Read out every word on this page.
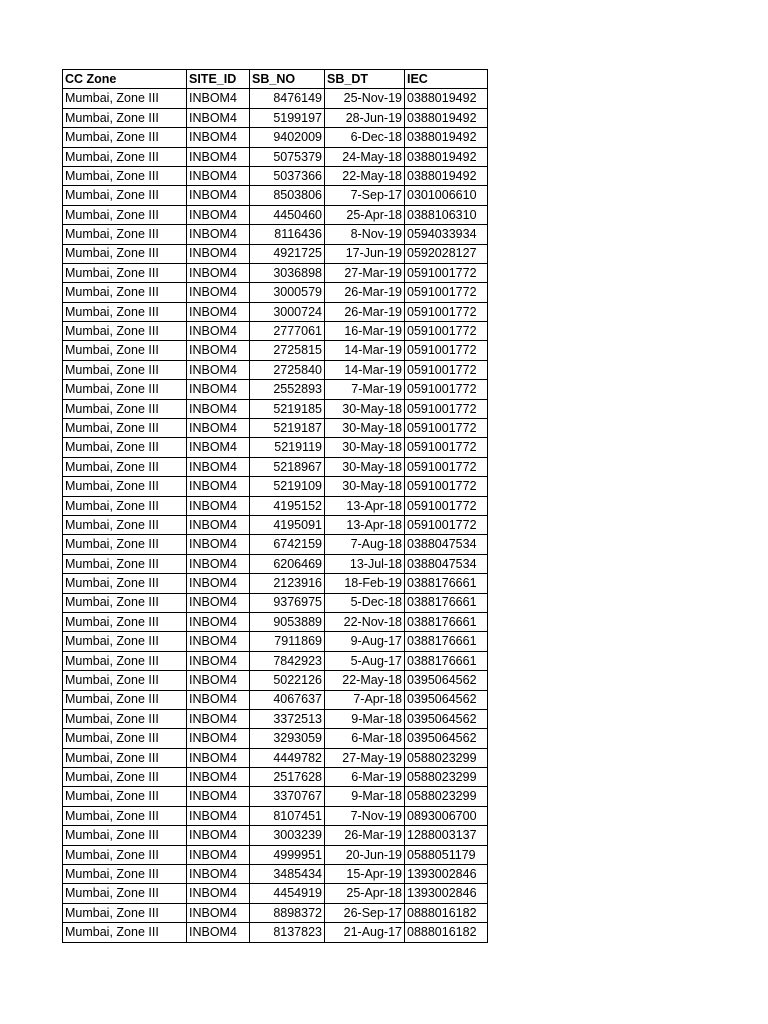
CC Zone	SITE_ID	SB_NO	SB_DT	IEC
Mumbai, Zone III	INBOM4	8476149	25-Nov-19	0388019492
Mumbai, Zone III	INBOM4	5199197	28-Jun-19	0388019492
Mumbai, Zone III	INBOM4	9402009	6-Dec-18	0388019492
Mumbai, Zone III	INBOM4	5075379	24-May-18	0388019492
Mumbai, Zone III	INBOM4	5037366	22-May-18	0388019492
Mumbai, Zone III	INBOM4	8503806	7-Sep-17	0301006610
Mumbai, Zone III	INBOM4	4450460	25-Apr-18	0388106310
Mumbai, Zone III	INBOM4	8116436	8-Nov-19	0594033934
Mumbai, Zone III	INBOM4	4921725	17-Jun-19	0592028127
Mumbai, Zone III	INBOM4	3036898	27-Mar-19	0591001772
Mumbai, Zone III	INBOM4	3000579	26-Mar-19	0591001772
Mumbai, Zone III	INBOM4	3000724	26-Mar-19	0591001772
Mumbai, Zone III	INBOM4	2777061	16-Mar-19	0591001772
Mumbai, Zone III	INBOM4	2725815	14-Mar-19	0591001772
Mumbai, Zone III	INBOM4	2725840	14-Mar-19	0591001772
Mumbai, Zone III	INBOM4	2552893	7-Mar-19	0591001772
Mumbai, Zone III	INBOM4	5219185	30-May-18	0591001772
Mumbai, Zone III	INBOM4	5219187	30-May-18	0591001772
Mumbai, Zone III	INBOM4	5219119	30-May-18	0591001772
Mumbai, Zone III	INBOM4	5218967	30-May-18	0591001772
Mumbai, Zone III	INBOM4	5219109	30-May-18	0591001772
Mumbai, Zone III	INBOM4	4195152	13-Apr-18	0591001772
Mumbai, Zone III	INBOM4	4195091	13-Apr-18	0591001772
Mumbai, Zone III	INBOM4	6742159	7-Aug-18	0388047534
Mumbai, Zone III	INBOM4	6206469	13-Jul-18	0388047534
Mumbai, Zone III	INBOM4	2123916	18-Feb-19	0388176661
Mumbai, Zone III	INBOM4	9376975	5-Dec-18	0388176661
Mumbai, Zone III	INBOM4	9053889	22-Nov-18	0388176661
Mumbai, Zone III	INBOM4	7911869	9-Aug-17	0388176661
Mumbai, Zone III	INBOM4	7842923	5-Aug-17	0388176661
Mumbai, Zone III	INBOM4	5022126	22-May-18	0395064562
Mumbai, Zone III	INBOM4	4067637	7-Apr-18	0395064562
Mumbai, Zone III	INBOM4	3372513	9-Mar-18	0395064562
Mumbai, Zone III	INBOM4	3293059	6-Mar-18	0395064562
Mumbai, Zone III	INBOM4	4449782	27-May-19	0588023299
Mumbai, Zone III	INBOM4	2517628	6-Mar-19	0588023299
Mumbai, Zone III	INBOM4	3370767	9-Mar-18	0588023299
Mumbai, Zone III	INBOM4	8107451	7-Nov-19	0893006700
Mumbai, Zone III	INBOM4	3003239	26-Mar-19	1288003137
Mumbai, Zone III	INBOM4	4999951	20-Jun-19	0588051179
Mumbai, Zone III	INBOM4	3485434	15-Apr-19	1393002846
Mumbai, Zone III	INBOM4	4454919	25-Apr-18	1393002846
Mumbai, Zone III	INBOM4	8898372	26-Sep-17	0888016182
Mumbai, Zone III	INBOM4	8137823	21-Aug-17	0888016182
